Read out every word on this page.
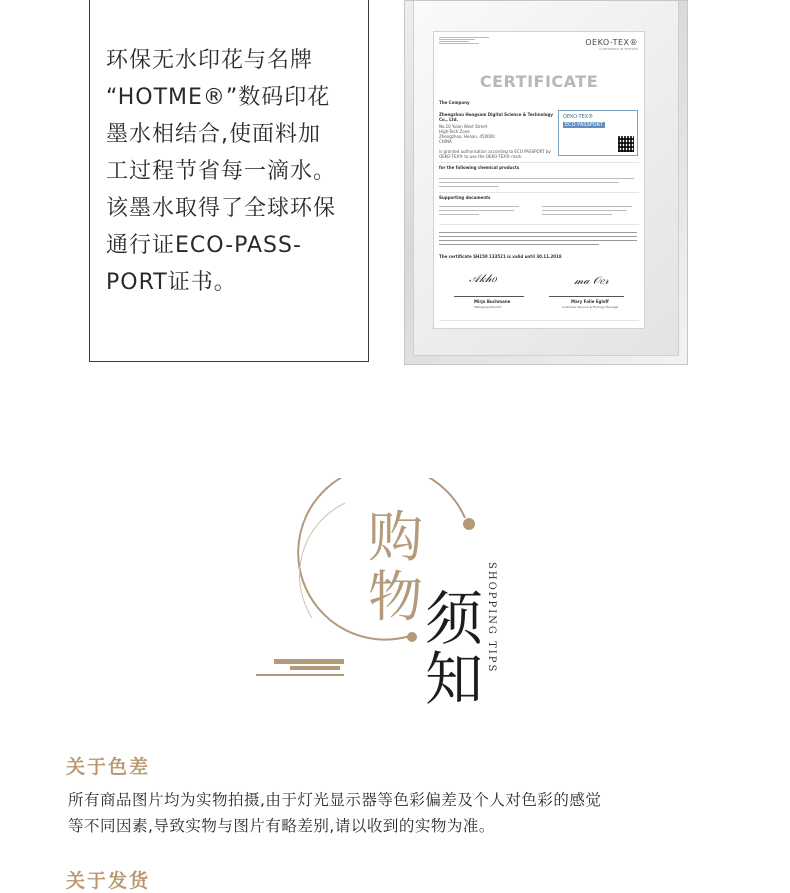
环保无水印花与名牌
“HOTME®”数码印花
墨水相结合,使面料加
工过程节省每一滴水。
该墨水取得了全球环保
通行证ECO-PASS-
PORT证书。
OEKO-TEX®
CONFIDENCE IN TEXTILES
CERTIFICATE
The Company
Zhengzhou Hongsam Digital Science & Technology Co., Ltd.
No.10 Yulan West Street
High-Tech Zone
Zhengzhou, Henan, 450000
CHINA
OEKO-TEX®
ECO PASSPORT
is granted authorisation according to ECO PASSPORT by OEKO-TEX® to use the OEKO-TEX® mark
for the following chemical products
Supporting documents
The certificate SH150 133521 is valid until 30.11.2018
𝒜𝓀𝒽𝑜	𝓂𝒶 𝒪𝑒𝓇
Mirjo Buchmann
Managing Director
Mary Folie Egloff
Customer Service & Ecology Manager
购
物 须
知
SHOPPING TIPS
关于色差
所有商品图片均为实物拍摄,由于灯光显示器等色彩偏差及个人对色彩的感觉
等不同因素,导致实物与图片有略差别,请以收到的实物为准。
关于发货
